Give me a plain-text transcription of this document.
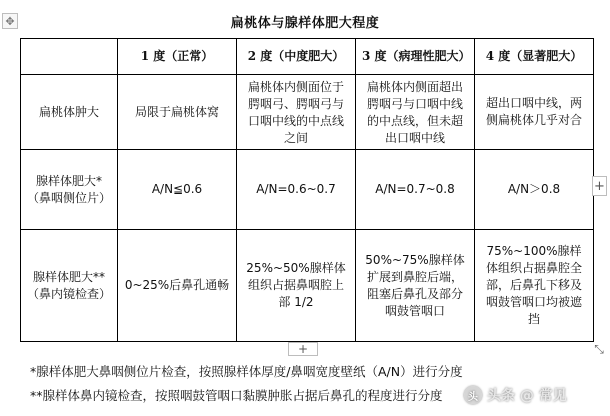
✥	扁桃体与腺样体肥大程度
	1 度（正常）	2 度（中度肥大）	3 度（病理性肥大）	4 度（显著肥大）
扁桃体肿大	局限于扁桃体窝	扁桃体内侧面位于腭咽弓、腭咽弓与口咽中线的中点线之间	扁桃体内侧面超出腭咽弓与口咽中线的中点线，但未超出口咽中线	超出口咽中线，两侧扁桃体几乎对合
腺样体肥大*（鼻咽侧位片）	A/N≦0.6	A/N=0.6~0.7	A/N=0.7~0.8	A/N＞0.8
腺样体肥大**（鼻内镜检查）	0~25%后鼻孔通畅	25%~50%腺样体组织占据鼻咽腔上部 1/2	50%~75%腺样体扩展到鼻腔后端，阻塞后鼻孔及部分咽鼓管咽口	75%~100%腺样体组织占据鼻腔全部，后鼻孔下移及咽鼓管咽口均被遮挡
+
+	⤡
*腺样体肥大鼻咽侧位片检查，按照腺样体厚度/鼻咽宽度壁纸（A/N）进行分度
**腺样体鼻内镜检查，按照咽鼓管咽口黏膜肿胀占据后鼻孔的程度进行分度	头 头条 @ 常见
